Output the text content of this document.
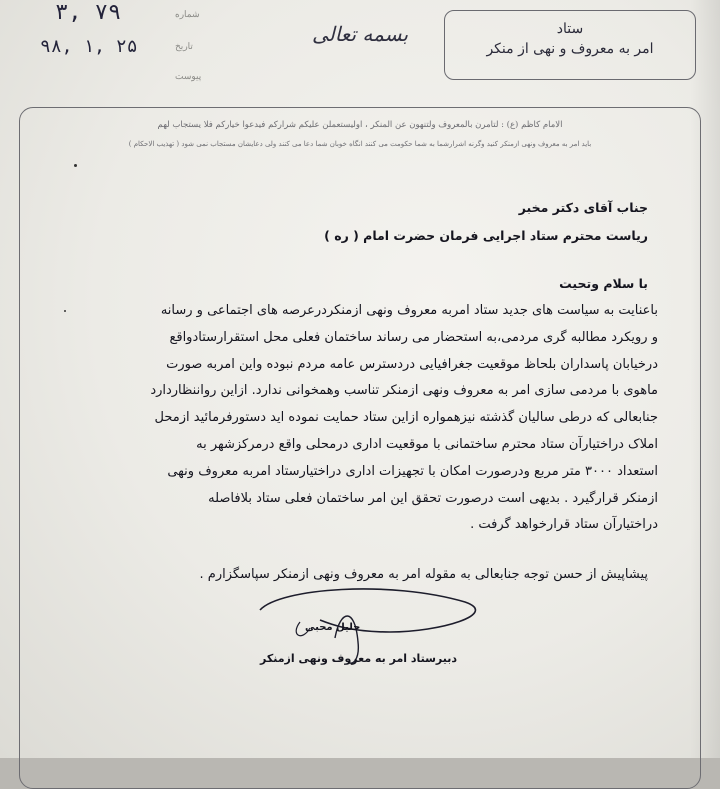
۳, ۷۹
۹۸, ۱, ۲۵
شماره
تاریخ
پیوست
بسمه تعالی	ستاد
امر به معروف و نهی از منکر
الامام کاظم (ع) : لتامرن بالمعروف ولتنهون عن المنکر ، اولیستعملن علیکم شرارکم فیدعوا خیارکم فلا یستجاب لهم
باید امر به معروف ونهی ازمنکر کنید وگرنه اشرارشما به شما حکومت می کنند انگاه خوبان شما دعا می کنند ولی دعایشان مستجاب نمی شود ( تهذیب الاحکام )
جناب آقای دکتر مخبر
ریاست محترم ستاد اجرایی فرمان حضرت امام ( ره )
با سلام وتحیت
باعنایت به سیاست های جدید ستاد امربه معروف ونهی ازمنکردرعرصه های اجتماعی و رسانه
و رویکرد مطالبه گری مردمی،به استحضار می رساند ساختمان فعلی محل استقرارستادواقع
درخیابان پاسداران بلحاظ موقعیت جغرافیایی دردسترس عامه مردم نبوده واین امربه صورت
ماهوی با مردمی سازی امر به معروف ونهی ازمنکر تناسب وهمخوانی ندارد. ازاین رواننظاردارد
جنابعالی که درطی سالیان گذشته نیزهمواره ازاین ستاد حمایت نموده اید دستورفرمائید ازمحل
املاک دراختیارآن ستاد محترم ساختمانی با موقعیت اداری درمحلی واقع درمرکزشهر به
استعداد ۳۰۰۰ متر مربع ودرصورت امکان با تجهیزات اداری دراختیارستاد امربه معروف ونهی
ازمنکر قرارگیرد . بدیهی است درصورت تحقق این امر ساختمان فعلی ستاد بلافاصله
دراختیارآن ستاد قرارخواهد گرفت .
پیشاپیش از حسن توجه جنابعالی به مقوله امر به معروف ونهی ازمنکر سپاسگزارم .
جلیل محبی
دبیرستاد امر به معروف ونهی ازمنکر
